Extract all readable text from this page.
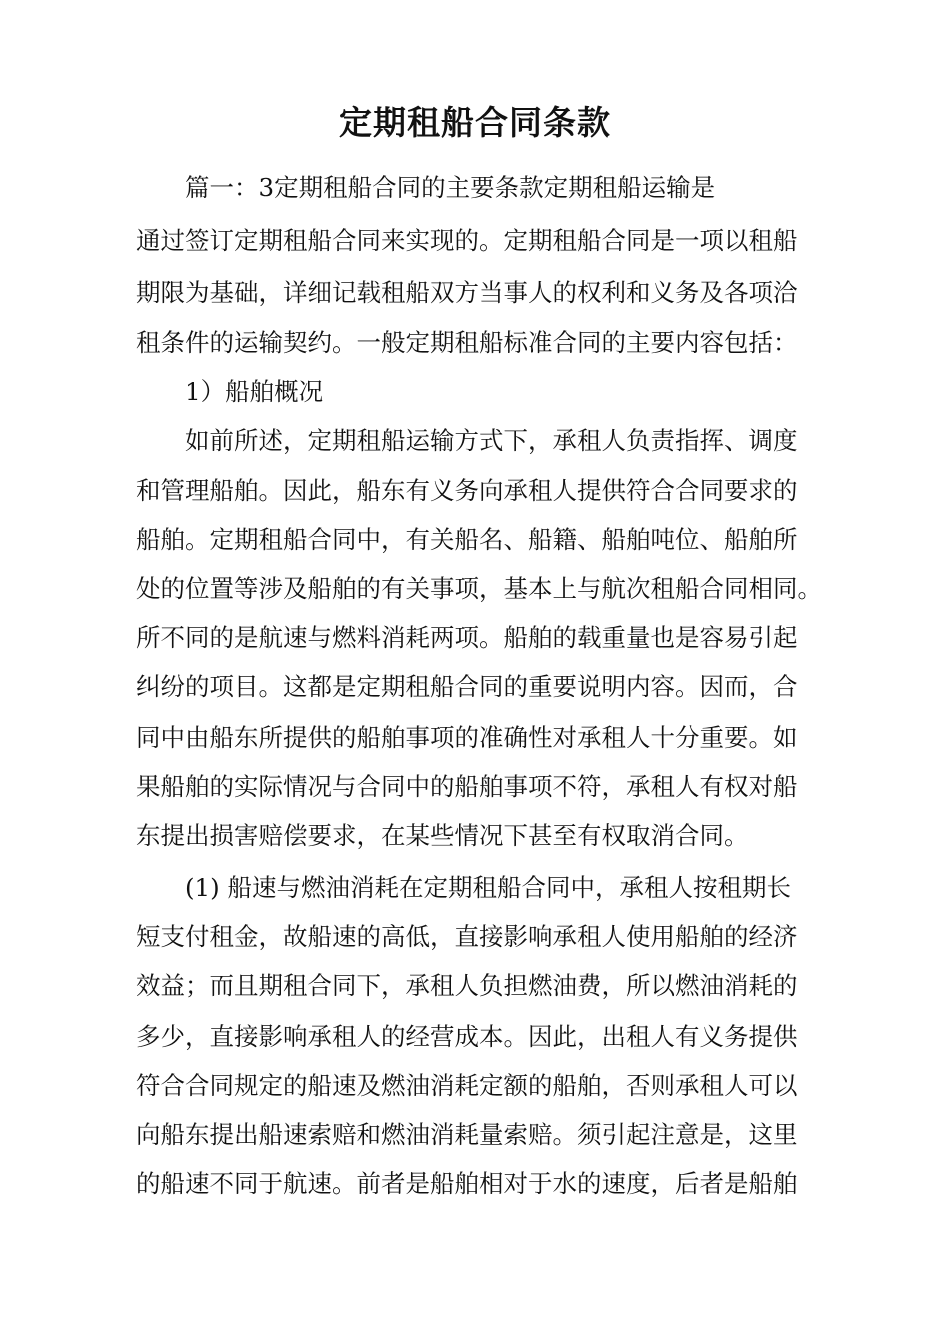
定期租船合同条款
篇一：3定期租船合同的主要条款定期租船运输是
通过签订定期租船合同来实现的。定期租船合同是一项以租船
期限为基础，详细记载租船双方当事人的权利和义务及各项洽
租条件的运输契约。一般定期租船标准合同的主要内容包括：
1）船舶概况
如前所述，定期租船运输方式下，承租人负责指挥、调度
和管理船舶。因此，船东有义务向承租人提供符合合同要求的
船舶。定期租船合同中，有关船名、船籍、船舶吨位、船舶所
处的位置等涉及船舶的有关事项，基本上与航次租船合同相同。
所不同的是航速与燃料消耗两项。船舶的载重量也是容易引起
纠纷的项目。这都是定期租船合同的重要说明内容。因而，合
同中由船东所提供的船舶事项的准确性对承租人十分重要。如
果船舶的实际情况与合同中的船舶事项不符，承租人有权对船
东提出损害赔偿要求，在某些情况下甚至有权取消合同。
(1) 船速与燃油消耗在定期租船合同中，承租人按租期长
短支付租金，故船速的高低，直接影响承租人使用船舶的经济
效益；而且期租合同下，承租人负担燃油费，所以燃油消耗的
多少，直接影响承租人的经营成本。因此，出租人有义务提供
符合合同规定的船速及燃油消耗定额的船舶，否则承租人可以
向船东提出船速索赔和燃油消耗量索赔。须引起注意是，这里
的船速不同于航速。前者是船舶相对于水的速度，后者是船舶
